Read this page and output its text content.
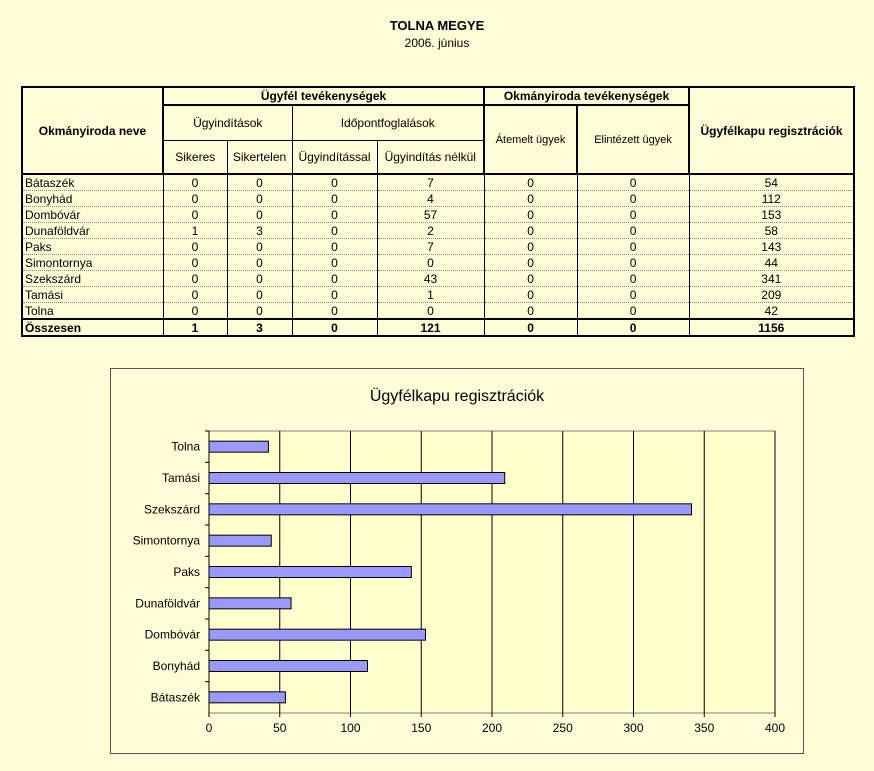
TOLNA MEGYE
2006. június
Okmányiroda neve	Ügyfél tevékenységek				Okmányiroda tevékenységek		Ügyfélkapu regisztrációk
	Ügyindítások		Időpontfoglalások		Átemelt ügyek	Elintézett ügyek	
	Sikeres	Sikertelen	Ügyindítással	Ügyindítás nélkül			
Bátaszék	0	0	0	7	0	0	54
Bonyhád	0	0	0	4	0	0	112
Dombóvár	0	0	0	57	0	0	153
Dunaföldvár	1	3	0	2	0	0	58
Paks	0	0	0	7	0	0	143
Simontornya	0	0	0	0	0	0	44
Szekszárd	0	0	0	43	0	0	341
Tamási	0	0	0	1	0	0	209
Tolna	0	0	0	0	0	0	42
Összesen	1	3	0	121	0	0	1156
Ügyfélkapu regisztrációk
0	50	100	150	200	250	300	350	400
Bátaszék
Bonyhád
Dombóvár
Dunaföldvár
Paks
Simontornya
Szekszárd
Tamási
Tolna
